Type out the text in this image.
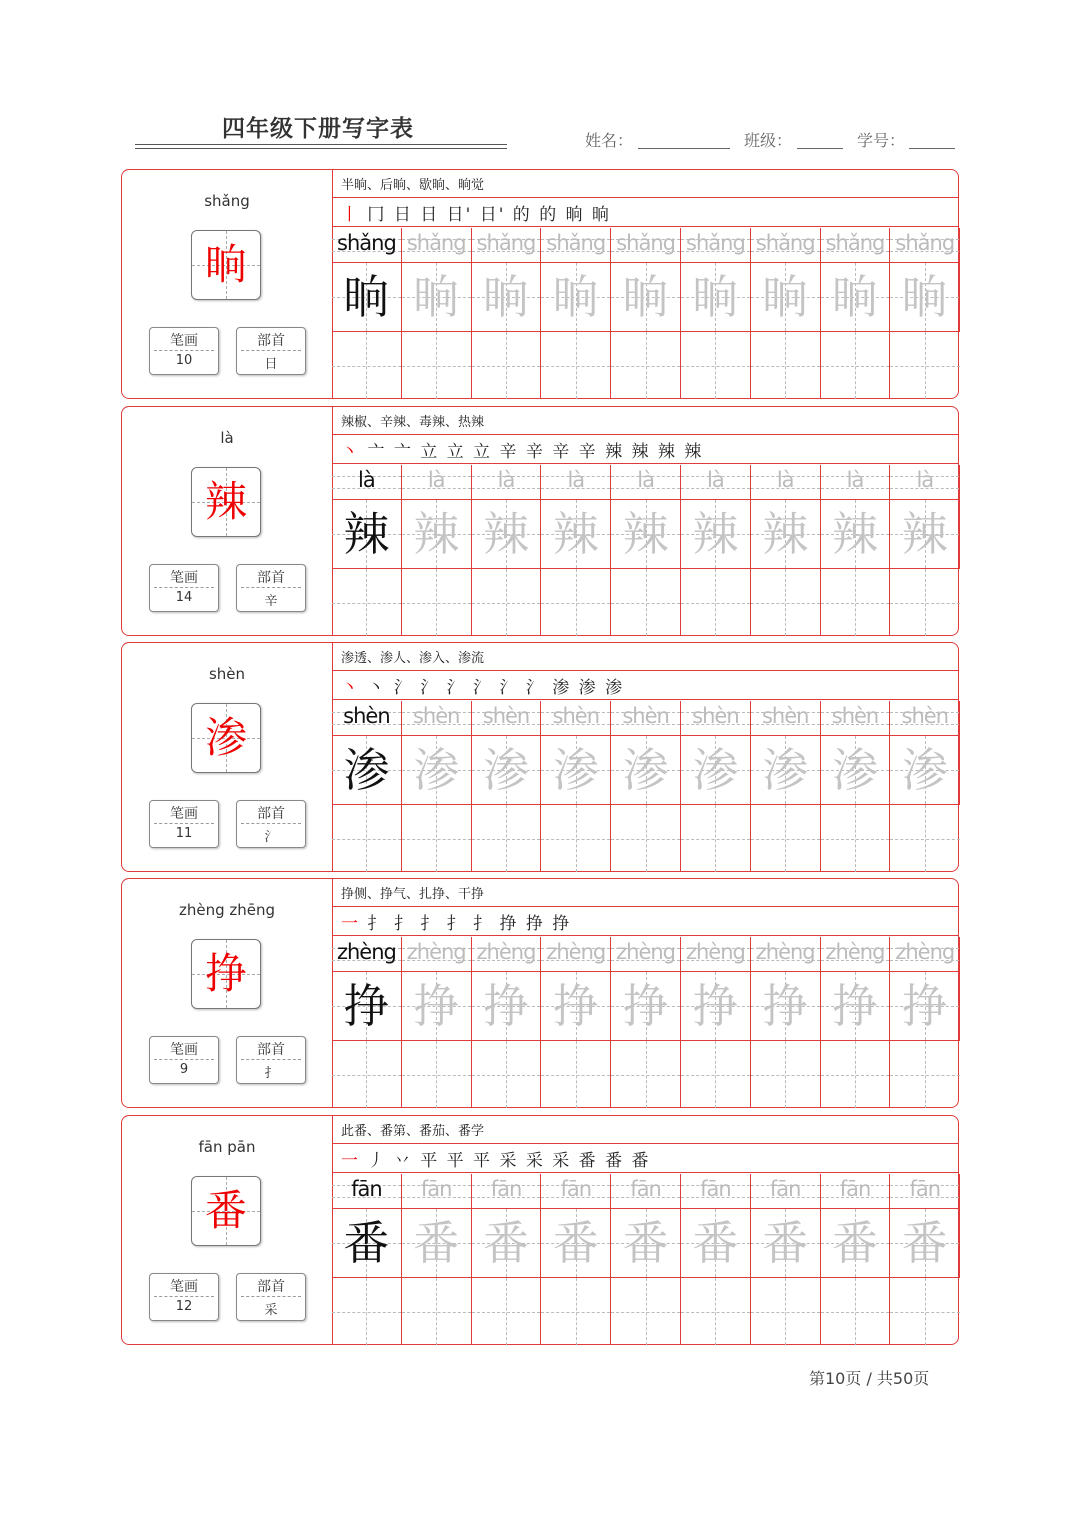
四年级下册写字表	姓名：	班级：	学号：
shǎng
晌
笔画
10
部首
日
半晌、后晌、歇晌、晌觉
丨 冂 日 日 日' 日' 的 的 晌 晌
shǎng shǎng shǎng shǎng shǎng shǎng shǎng shǎng shǎng
晌 晌 晌 晌 晌 晌 晌 晌 晌
là
辣
笔画
14
部首
辛
辣椒、辛辣、毒辣、热辣
丶 亠 亠 立 立 立 辛 辛 辛 辛 辣 辣 辣 辣
là	là	là	là	là	là	là	là	là
辣 辣 辣 辣 辣 辣 辣 辣 辣
shèn
渗
笔画
11
部首
氵
渗透、渗人、渗入、渗流
丶 丶 氵 氵 氵 氵 氵 氵 渗 渗 渗
shèn	shèn	shèn	shèn	shèn	shèn	shèn	shèn	shèn
渗 渗 渗 渗 渗 渗 渗 渗 渗
zhèng zhēng
挣
笔画
9
部首
扌
挣侧、挣气、扎挣、干挣
一 扌 扌 扌 扌 扌 挣 挣 挣
zhèng zhèng zhèng zhèng zhèng zhèng zhèng zhèng zhèng
挣 挣 挣 挣 挣 挣 挣 挣 挣
fān pān
番
笔画
12
部首
采
此番、番第、番茄、番学
一 丿 丷 平 平 平 采 采 采 番 番 番
fān	fān	fān	fān	fān	fān	fān	fān	fān
番 番 番 番 番 番 番 番 番
第10页 / 共50页
